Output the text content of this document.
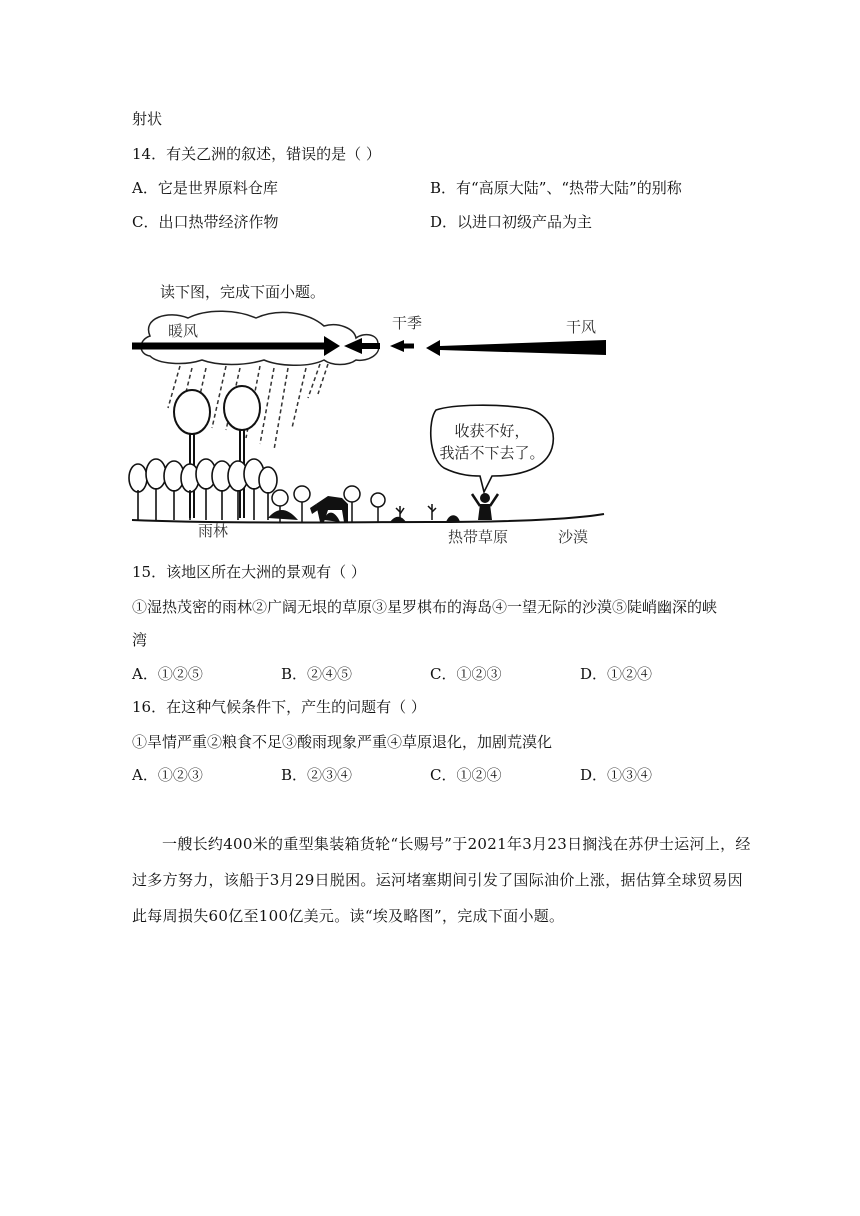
射状
14．有关乙洲的叙述，错误的是（ ）
A．它是世界原料仓库	B．有“高原大陆”、“热带大陆”的别称
C．出口热带经济作物	D．以进口初级产品为主
读下图，完成下面小题。
收获不好，
我活不下去了。
暖风	干季	干风
雨林	热带草原	沙漠
15．该地区所在大洲的景观有（ ）
①湿热茂密的雨林②广阔无垠的草原③星罗棋布的海岛④一望无际的沙漠⑤陡峭幽深的峡
湾
A．①②⑤	B．②④⑤	C．①②③	D．①②④
16．在这种气候条件下，产生的问题有（ ）
①旱情严重②粮食不足③酸雨现象严重④草原退化，加剧荒漠化
A．①②③	B．②③④	C．①②④	D．①③④

一艘长约400米的重型集装箱货轮“长赐号”于2021年3月23日搁浅在苏伊士运河上，经过多方努力，该船于3月29日脱困。运河堵塞期间引发了国际油价上涨，据估算全球贸易因此每周损失60亿至100亿美元。读“埃及略图”，完成下面小题。
